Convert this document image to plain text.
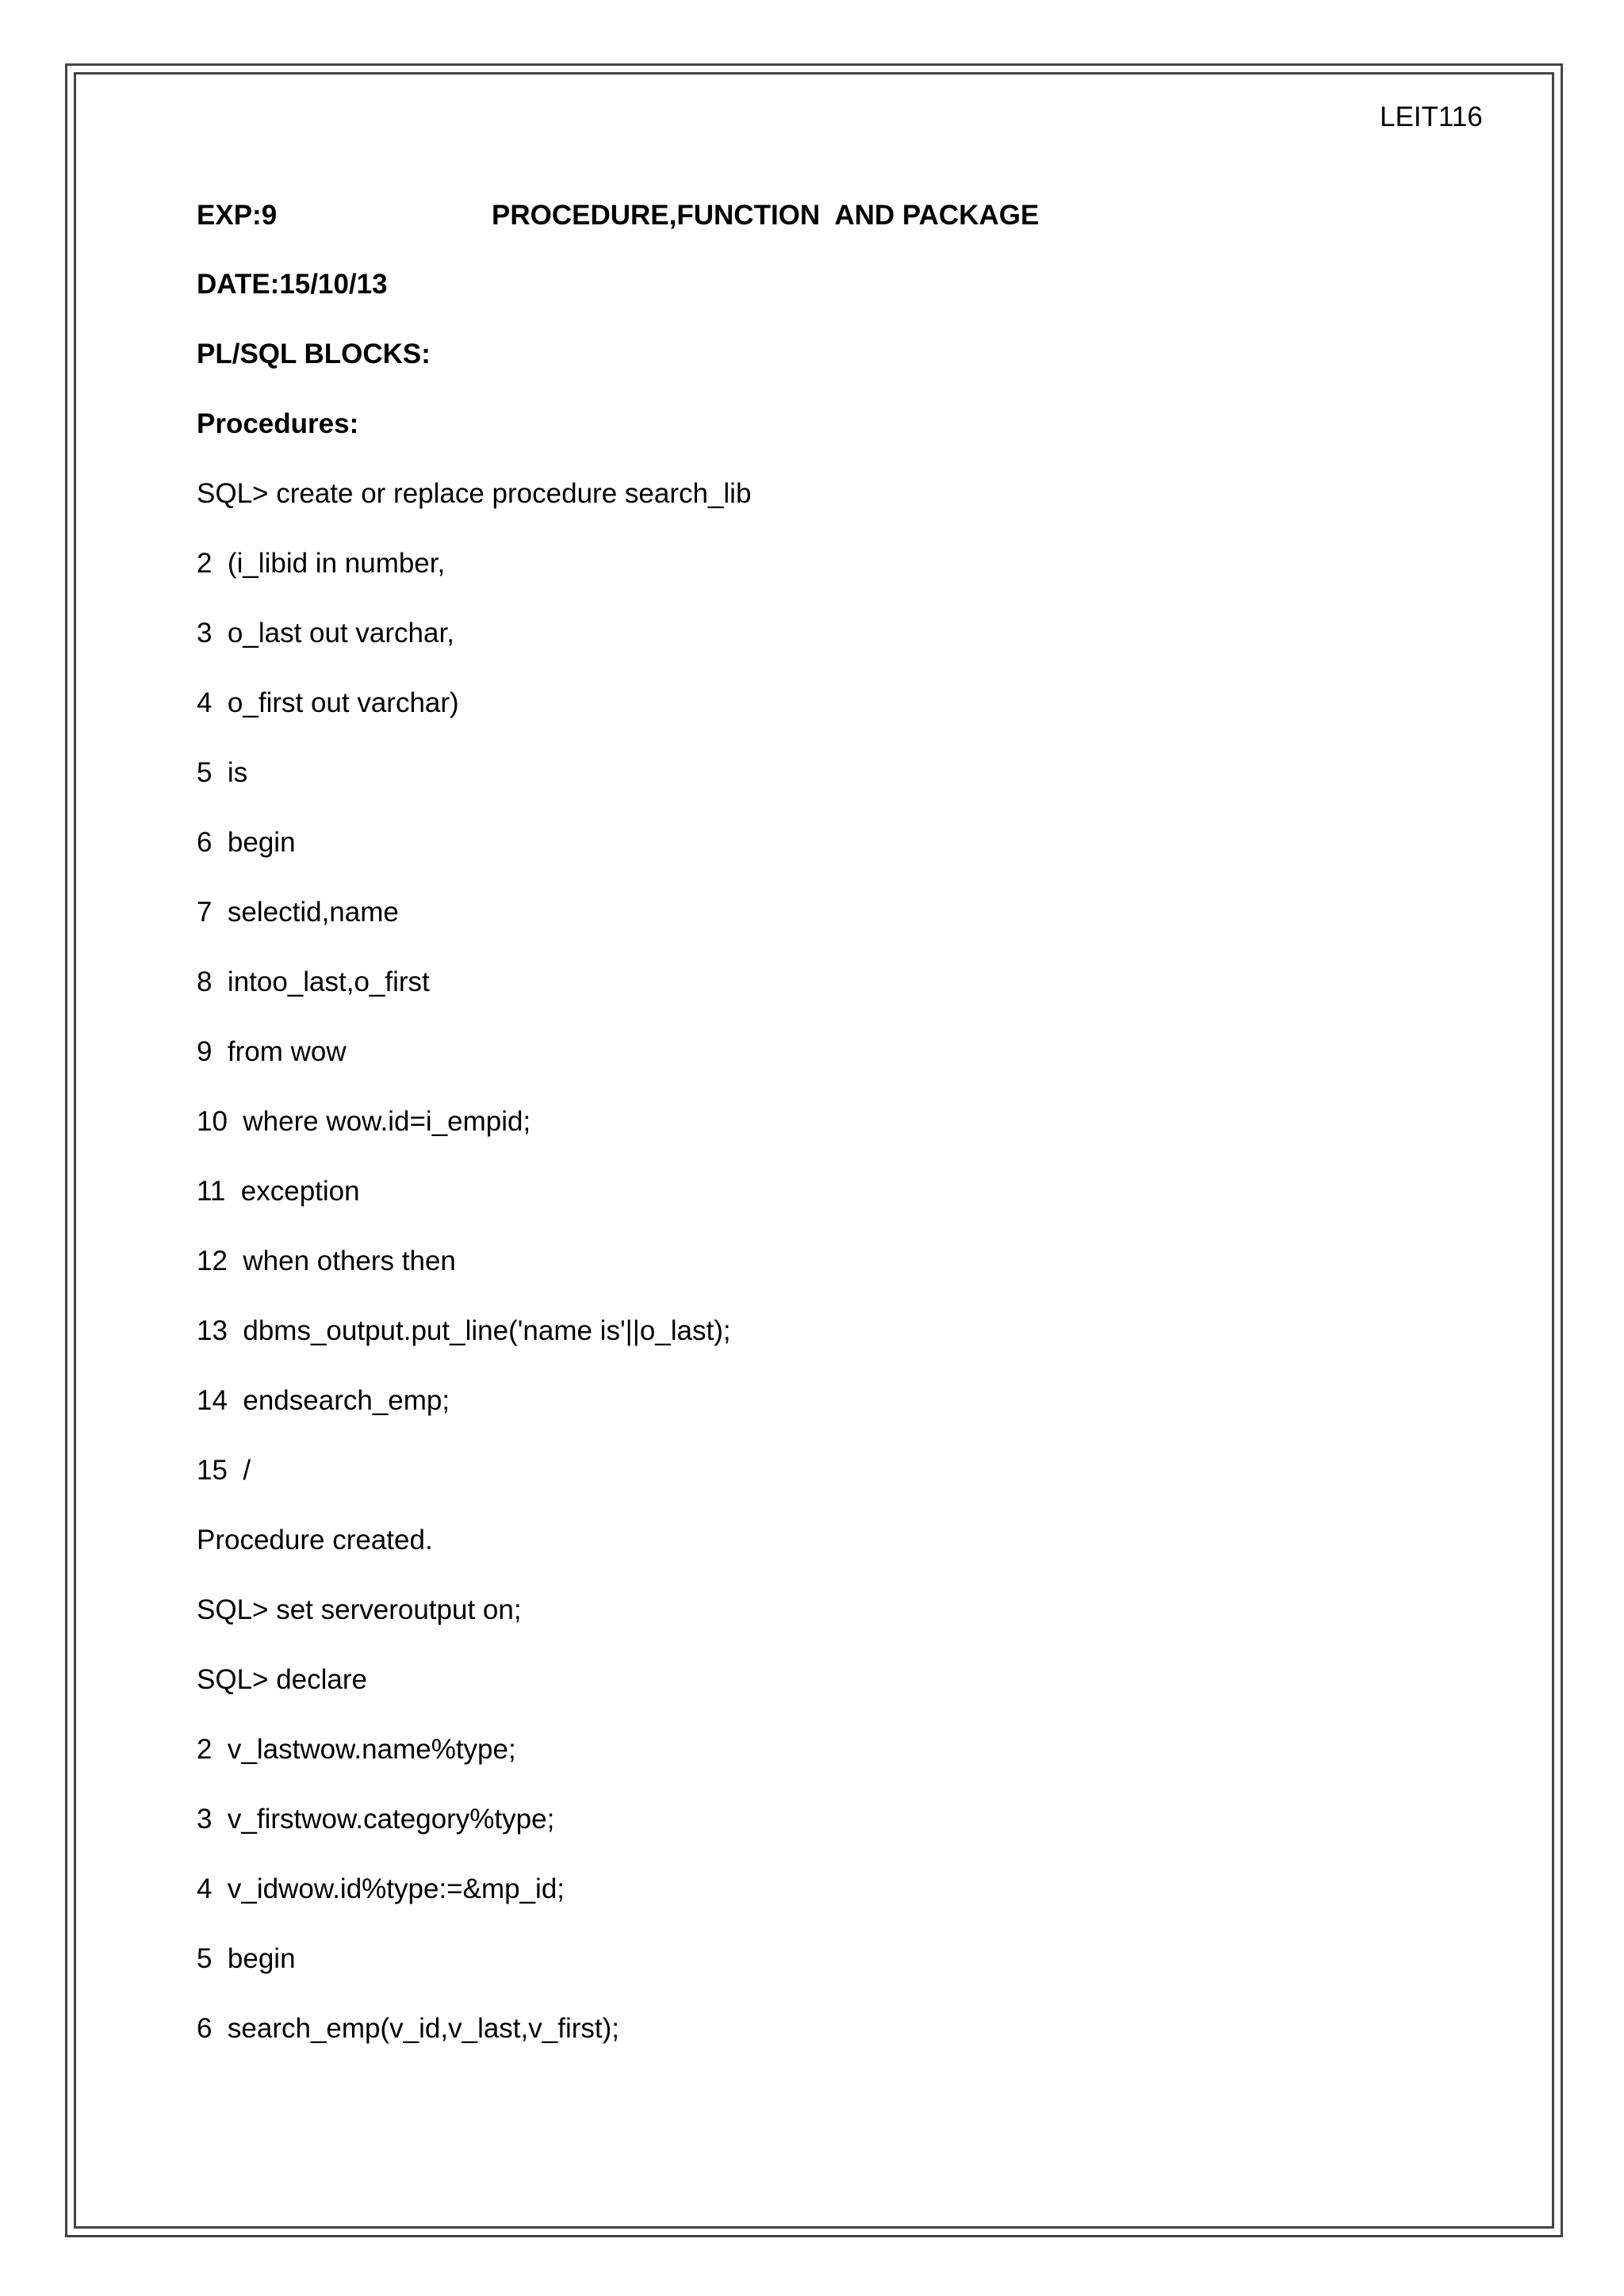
LEIT116
EXP:9	PROCEDURE,FUNCTION  AND PACKAGE
DATE:15/10/13
PL/SQL BLOCKS:
Procedures:
SQL> create or replace procedure search_lib
2  (i_libid in number,
3  o_last out varchar,
4  o_first out varchar)
5  is
6  begin
7  selectid,name
8  intoo_last,o_first
9  from wow
10  where wow.id=i_empid;
11  exception
12  when others then
13  dbms_output.put_line('name is'||o_last);
14  endsearch_emp;
15  /
Procedure created.
SQL> set serveroutput on;
SQL> declare
2  v_lastwow.name%type;
3  v_firstwow.category%type;
4  v_idwow.id%type:=&mp_id;
5  begin
6  search_emp(v_id,v_last,v_first);
